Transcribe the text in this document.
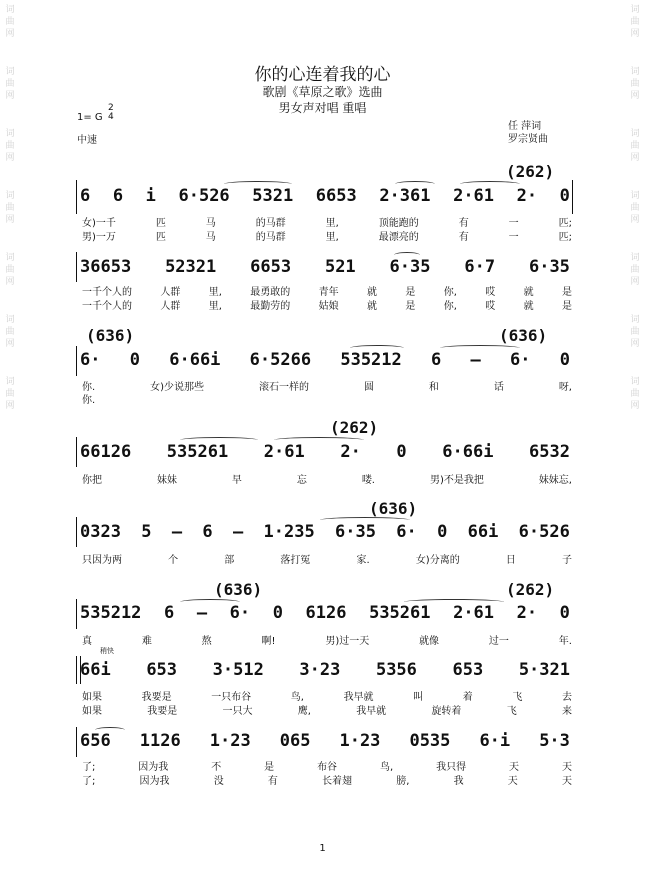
词
曲
网
词
曲
网
词
曲
网
词
曲
网
词
曲
网
词
曲
网
词
曲
网
词
曲
网
词
曲
网
词
曲
网
词
曲
网
词
曲
网
词
曲
网
词
曲
网
你的心连着我的心
歌剧《草原之歌》选曲
男女声对唱 重唱
1= G
2
4
中速
任 萍词
罗宗贤曲
(262)
6 6 i 6·526 5321 6653 2·361 2·61 2· 0
女)一千	匹	马	的马群	里,	顶能跑的	有	一	匹;
男)一万	匹	马	的马群	里,	最漂亮的	有	一	匹;
36653 52321 6653 521 6·35 6·7 6·35
一千个人的	人群	里,	最勇敢的	青年	就	是	你,	哎	就	是
一千个人的	人群	里,	最勤劳的	姑娘	就	是	你,	哎	就	是
(636)	(636)
6· 0 6·66i 6·5266 535212 6 — 6· 0
你.	女)少说那些	滚石一样的	圆	和	话	呀,
你.
(262)
66126 535261 2·61 2· 0 6·66i 6532
你把	妹妹	早	忘	喽.	男)不是我把	妹妹忘,
(636)
0323 5 — 6 — 1·235 6·35 6· 0 66i 6·526
只因为两	个	部	落打冤	家.	女)分离的	日	子
(636)	(262)
535212 6 — 6· 0 6126 535261 2·61 2· 0
真	难	熬	啊!	男)过一天	就像	过一	年.
稍快
66i 653 3·512 3·23 5356 653 5·321
如果	我要是	一只布谷	鸟,	我早就	叫	着	飞	去
如果	我要是	一只大	鹰,	我早就	旋转着	飞	来
656 1126 1·23 065 1·23 0535 6·i 5·3
了;	因为我	不	是	布谷	鸟,	我只得	天	天
了;	因为我	没	有	长着翅	膀,	我	天	天
1
